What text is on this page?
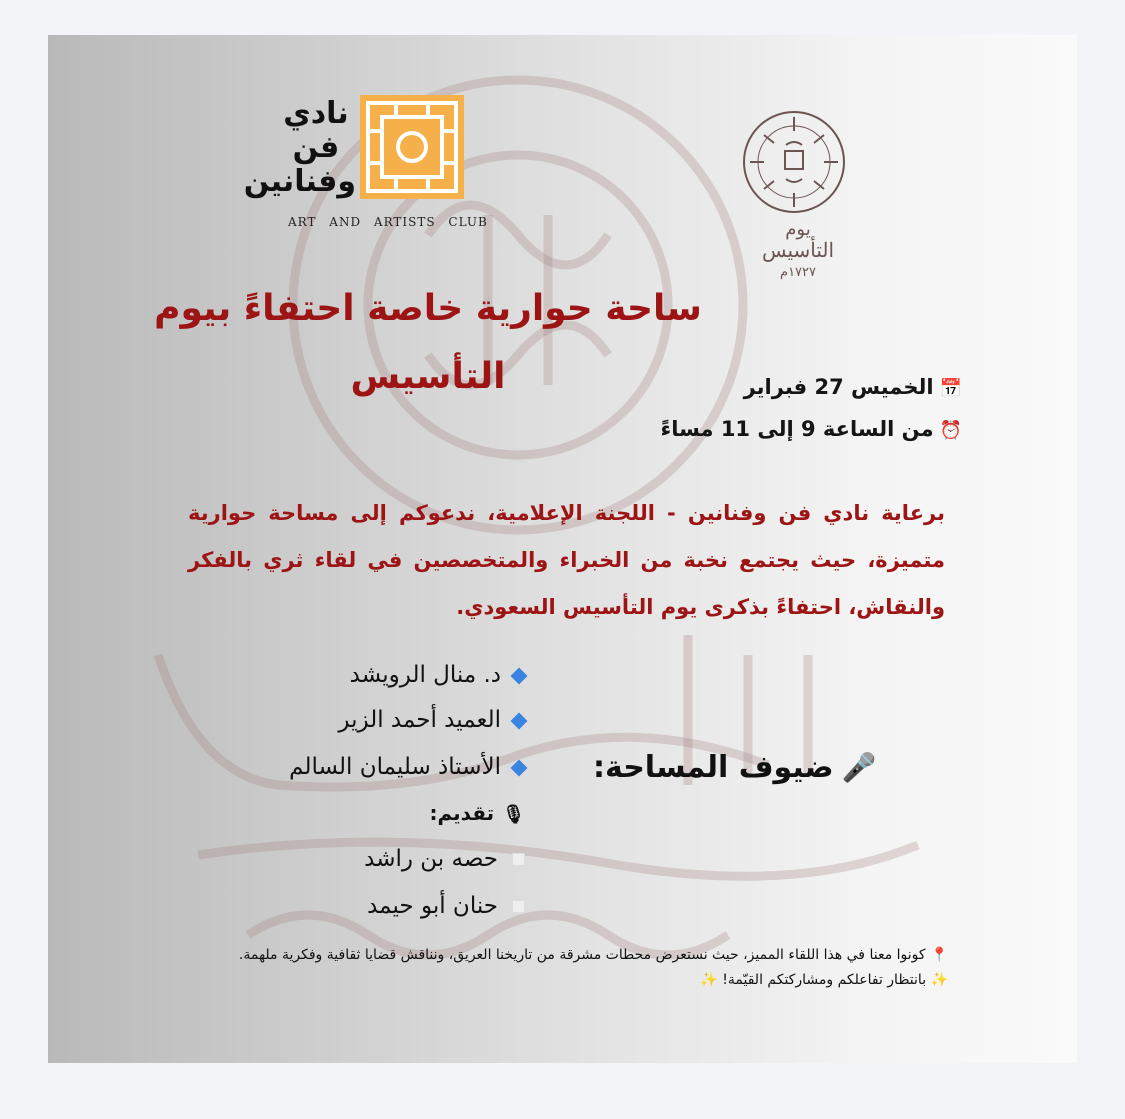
نادي
فن
وفنانين
ART AND ARTISTS CLUB	يوم
التأسيس
١٧٢٧م
ساحة حوارية خاصة احتفاءً بيوم التأسيس	📅الخميس 27 فبراير
⏰من الساعة 9 إلى 11 مساءً

برعاية نادي فن وفنانين - اللجنة الإعلامية، ندعوكم إلى مساحة حوارية متميزة، حيث يجتمع نخبة من الخبراء والمتخصصين في لقاء ثري بالفكر والنقاش، احتفاءً بذكرى يوم التأسيس السعودي.

د. منال الرويشد
العميد أحمد الزير
الأستاذ سليمان السالم	🎤ضيوف المساحة:
🎙تقديم:
حصه بن راشد
حنان أبو حيمد
📍كونوا معنا في هذا اللقاء المميز، حيث نستعرض محطات مشرقة من تاريخنا العريق، ونناقش قضايا ثقافية وفكرية ملهمة.
✨ بانتظار تفاعلكم ومشاركتكم القيّمة! ✨
